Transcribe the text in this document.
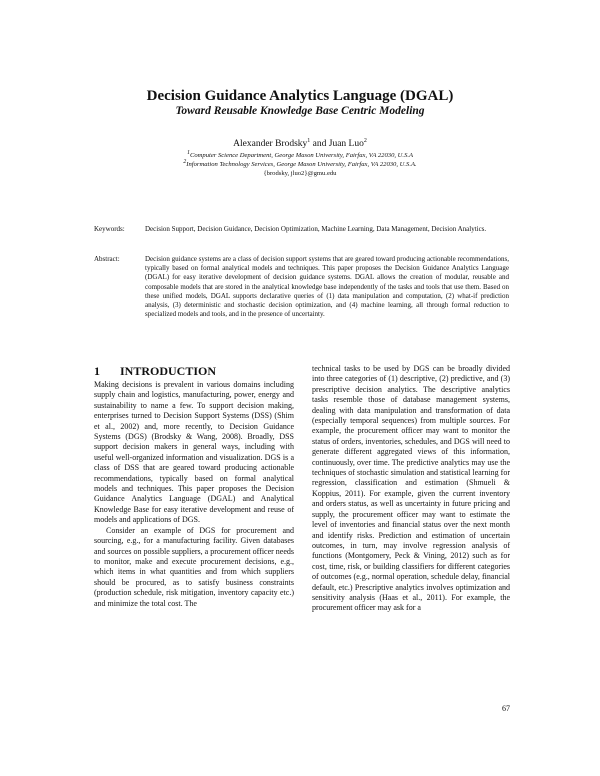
Decision Guidance Analytics Language (DGAL)
Toward Reusable Knowledge Base Centric Modeling
Alexander Brodsky$^1$ and Juan Luo$^2$
$^1$Computer Science Department, George Mason University, Fairfax, VA 22030, U.S.A
$^2$Information Technology Services, George Mason University, Fairfax, VA 22030, U.S.A.
{brodsky, jluo2}@gmu.edu
Keywords:	Decision Support, Decision Guidance, Decision Optimization, Machine Learning, Data Management, Decision Analytics.
Abstract:	Decision guidance systems are a class of decision support systems that are geared toward producing actionable recommendations, typically based on formal analytical models and techniques. This paper proposes the Decision Guidance Analytics Language (DGAL) for easy iterative development of decision guidance systems. DGAL allows the creation of modular, reusable and composable models that are stored in the analytical knowledge base independently of the tasks and tools that use them. Based on these unified models, DGAL supports declarative queries of (1) data manipulation and computation, (2) what-if prediction analysis, (3) deterministic and stochastic decision optimization, and (4) machine learning, all through formal reduction to specialized models and tools, and in the presence of uncertainty.
1 INTRODUCTION

Making decisions is prevalent in various domains including supply chain and logistics, manufacturing, power, energy and sustainability to name a few. To support decision making, enterprises turned to Decision Support Systems (DSS) (Shim et al., 2002) and, more recently, to Decision Guidance Systems (DGS) (Brodsky & Wang, 2008). Broadly, DSS support decision makers in general ways, including with useful well-organized information and visualization. DGS is a class of DSS that are geared toward producing actionable recommendations, typically based on formal analytical models and techniques. This paper proposes the Decision Guidance Analytics Language (DGAL) and Analytical Knowledge Base for easy iterative development and reuse of models and applications of DGS.

Consider an example of DGS for procurement and sourcing, e.g., for a manufacturing facility. Given databases and sources on possible suppliers, a procurement officer needs to monitor, make and execute procurement decisions, e.g., which items in what quantities and from which suppliers should be procured, as to satisfy business constraints (production schedule, risk mitigation, inventory capacity etc.) and minimize the total cost. The

technical tasks to be used by DGS can be broadly divided into three categories of (1) descriptive, (2) predictive, and (3) prescriptive decision analytics. The descriptive analytics tasks resemble those of database management systems, dealing with data manipulation and transformation of data (especially temporal sequences) from multiple sources. For example, the procurement officer may want to monitor the status of orders, inventories, schedules, and DGS will need to generate different aggregated views of this information, continuously, over time. The predictive analytics may use the techniques of stochastic simulation and statistical learning for regression, classification and estimation (Shmueli & Koppius, 2011). For example, given the current inventory and orders status, as well as uncertainty in future pricing and supply, the procurement officer may want to estimate the level of inventories and financial status over the next month and identify risks. Prediction and estimation of uncertain outcomes, in turn, may involve regression analysis of functions (Montgomery, Peck & Vining, 2012) such as for cost, time, risk, or building classifiers for different categories of outcomes (e.g., normal operation, schedule delay, financial default, etc.) Prescriptive analytics involves optimization and sensitivity analysis (Haas et al., 2011). For example, the procurement officer may ask for a

67
